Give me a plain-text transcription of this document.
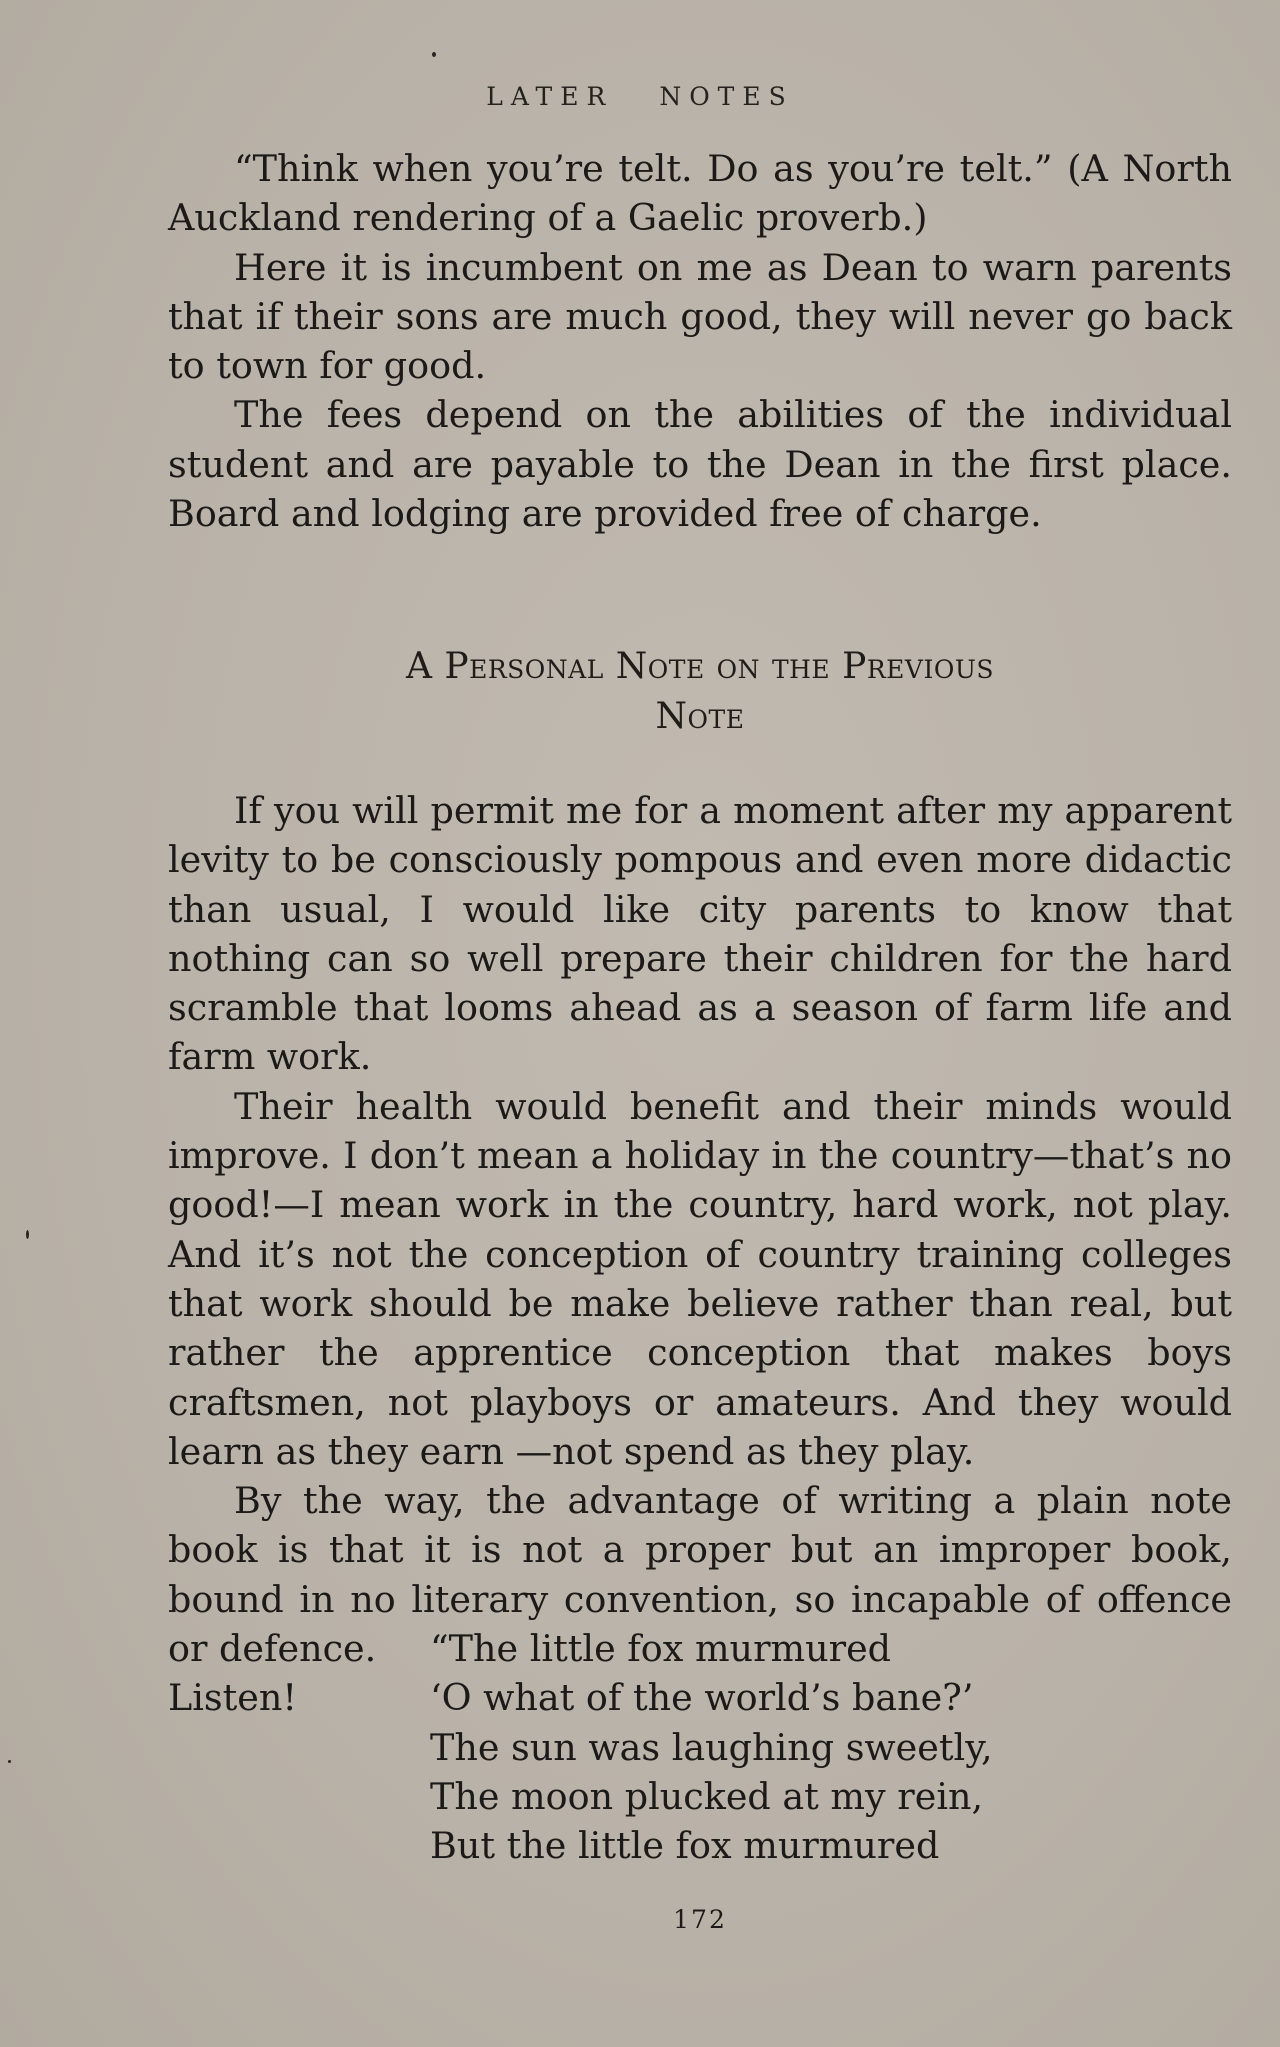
LATER NOTES

“Think when you’re telt. Do as you’re telt.” (A North Auckland rendering of a Gaelic proverb.)

Here it is incumbent on me as Dean to warn parents that if their sons are much good, they will never go back to town for good.

The fees depend on the abilities of the individual student and are payable to the Dean in the first place. Board and lodging are provided free of charge.

A Personal Note on the Previous
Note

If you will permit me for a moment after my apparent levity to be consciously pompous and even more didactic than usual, I would like city parents to know that nothing can so well prepare their children for the hard scramble that looms ahead as a season of farm life and farm work.

Their health would benefit and their minds would improve. I don’t mean a holiday in the country—that’s no good!—I mean work in the country, hard work, not play. And it’s not the conception of country training colleges that work should be make believe rather than real, but rather the apprentice conception that makes boys craftsmen, not playboys or amateurs. And they would learn as they earn —not spend as they play.

By the way, the advantage of writing a plain note book is that it is not a proper but an improper book, bound in no literary convention, so incapable of offence or defence.

Listen!

“The little fox murmured
‘O what of the world’s bane?’
The sun was laughing sweetly,
The moon plucked at my rein,
But the little fox murmured
172
